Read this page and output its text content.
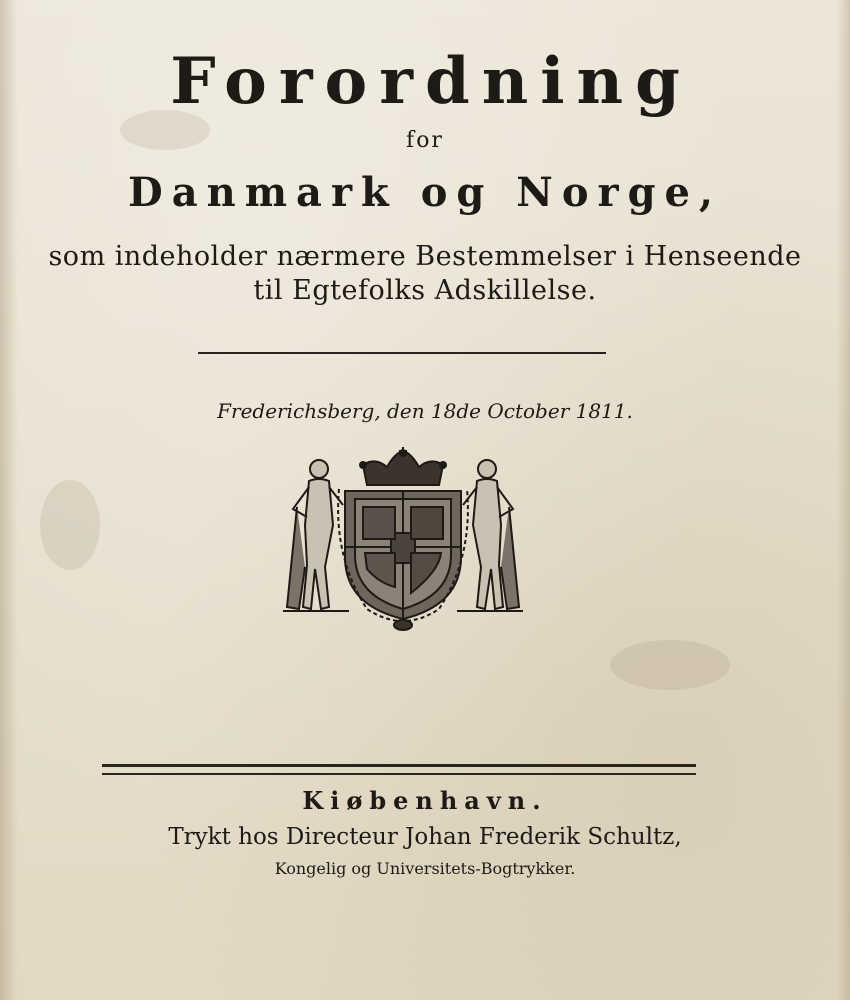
Forordning
for
Danmark og Norge,
som indeholder nærmere Bestemmelser i Henseende
til Egtefolks Adskillelse.
Frederichsberg, den 18de October 1811.
Kiøbenhavn.
Trykt hos Directeur Johan Frederik Schultz,
Kongelig og Universitets-Bogtrykker.
